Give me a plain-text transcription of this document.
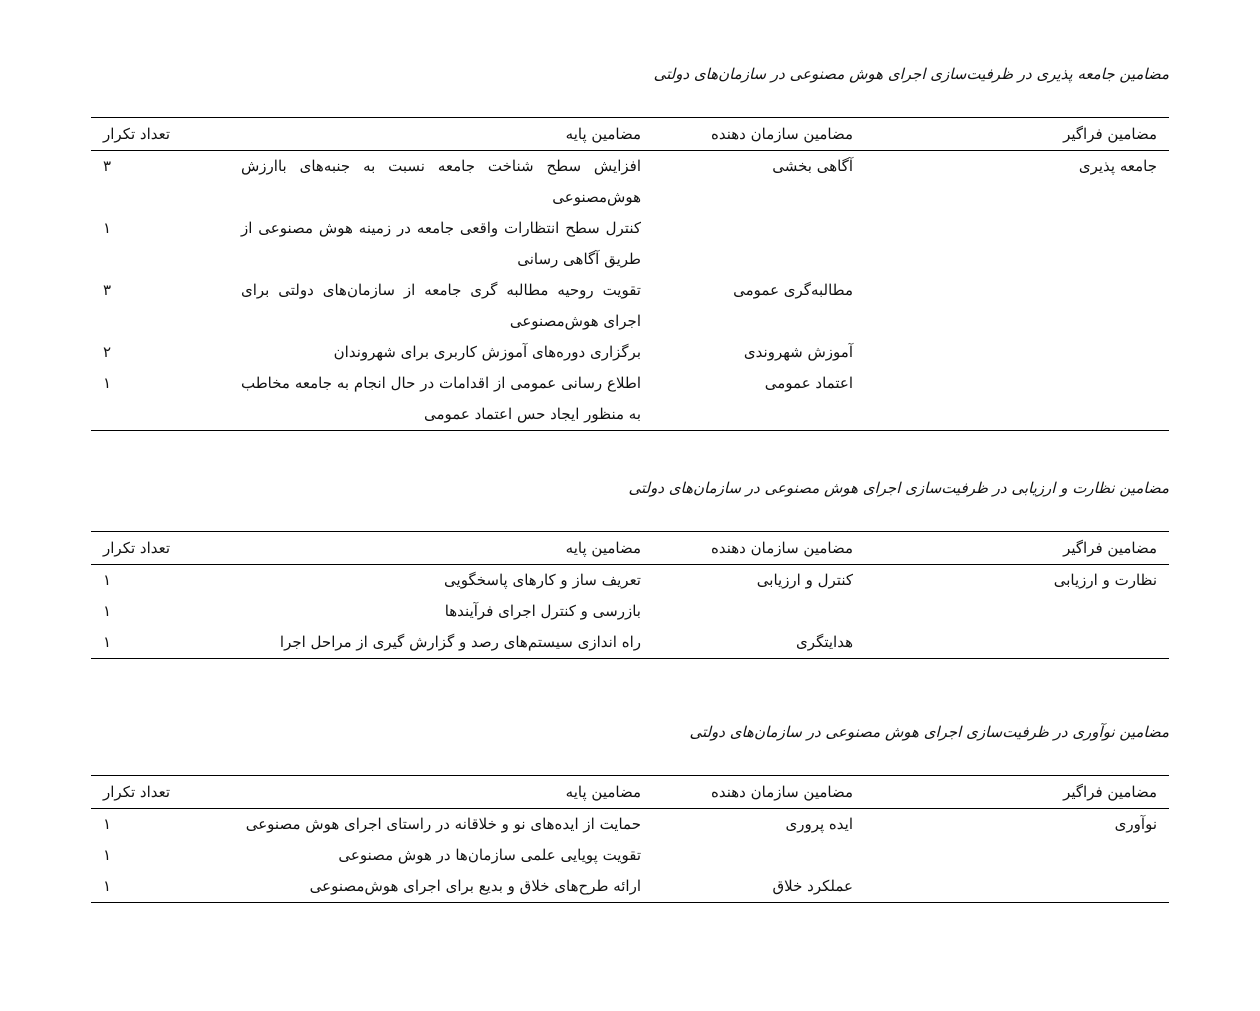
مضامین جامعه پذیری در ظرفیت‌سازی اجرای هوش مصنوعی در سازمان‌های دولتی
مضامین فراگیر	مضامین سازمان دهنده	مضامین پایه	تعداد تکرار
جامعه پذیری	آگاهی بخشی	افزایش سطح شناخت جامعه نسبت به جنبه‌های باارزش هوش‌مصنوعی	۳
		کنترل سطح انتظارات واقعی جامعه در زمینه هوش مصنوعی از طریق آگاهی رسانی	۱
	مطالبه‌گری عمومی	تقویت روحیه مطالبه گری جامعه از سازمان‌های دولتی برای اجرای هوش‌مصنوعی	۳
	آموزش شهروندی	برگزاری دوره‌های آموزش کاربری برای شهروندان	۲
	اعتماد عمومی	اطلاع رسانی عمومی از اقدامات در حال انجام به جامعه مخاطب به منظور ایجاد حس اعتماد عمومی	۱
مضامین نظارت و ارزیابی در ظرفیت‌سازی اجرای هوش مصنوعی در سازمان‌های دولتی
مضامین فراگیر	مضامین سازمان دهنده	مضامین پایه	تعداد تکرار
نظارت و ارزیابی	کنترل و ارزیابی	تعریف ساز و کارهای پاسخگویی	۱
		بازرسی و کنترل اجرای فرآیندها	۱
	هدایتگری	راه اندازی سیستم‌های رصد و گزارش گیری از مراحل اجرا	۱
مضامین نوآوری در ظرفیت‌سازی اجرای هوش مصنوعی در سازمان‌های دولتی
مضامین فراگیر	مضامین سازمان دهنده	مضامین پایه	تعداد تکرار
نوآوری	ایده پروری	حمایت از ایده‌های نو و خلاقانه در راستای اجرای هوش مصنوعی	۱
		تقویت پویایی علمی سازمان‌ها در هوش مصنوعی	۱
	عملکرد خلاق	ارائه طرح‌های خلاق و بدیع برای اجرای هوش‌مصنوعی	۱
